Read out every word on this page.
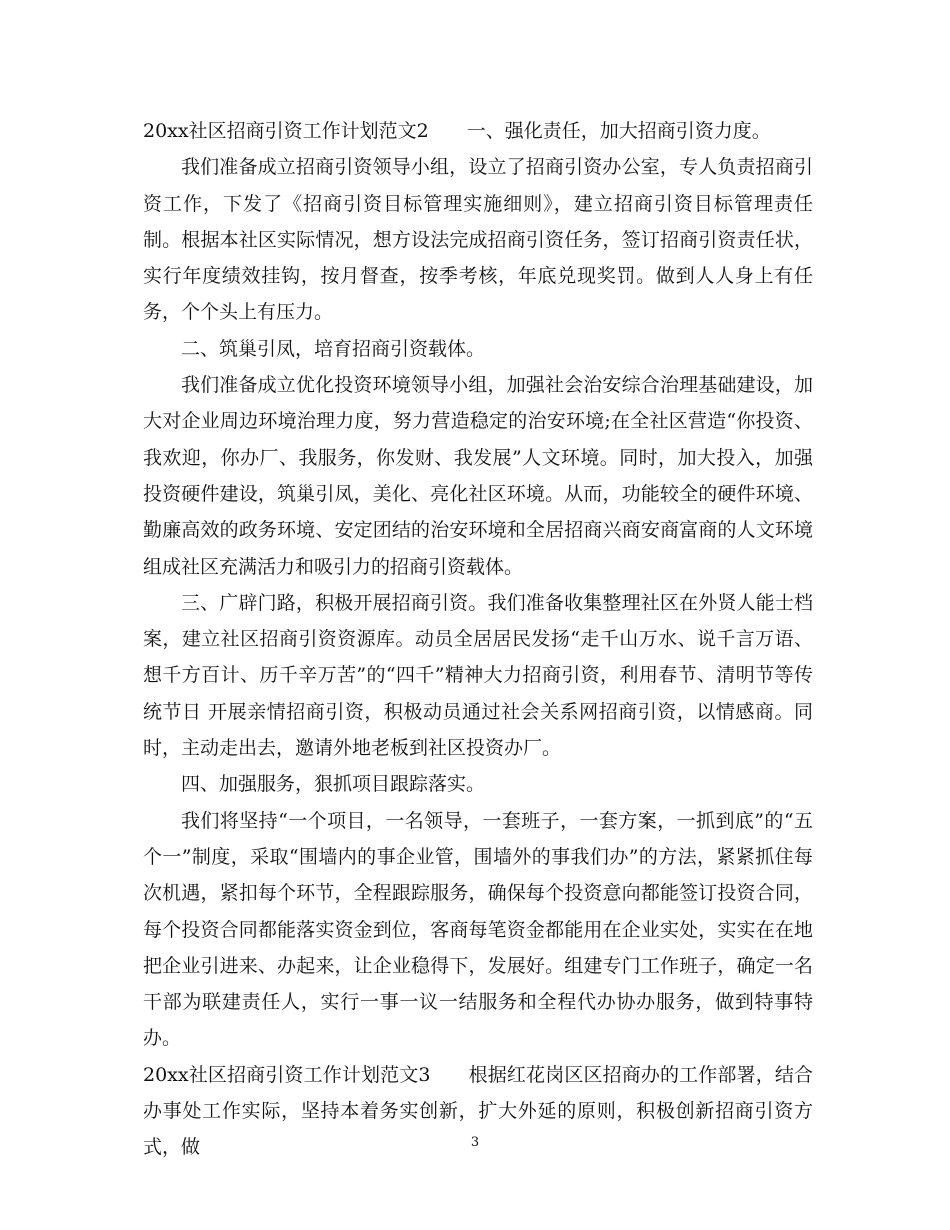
20xx社区招商引资工作计划范文2 一、强化责任，加大招商引资力度。

我们准备成立招商引资领导小组，设立了招商引资办公室，专人负责招商引资工作，下发了《招商引资目标管理实施细则》，建立招商引资目标管理责任制。根据本社区实际情况，想方设法完成招商引资任务，签订招商引资责任状，实行年度绩效挂钩，按月督查，按季考核，年底兑现奖罚。做到人人身上有任务，个个头上有压力。

二、筑巢引凤，培育招商引资载体。

我们准备成立优化投资环境领导小组，加强社会治安综合治理基础建设，加大对企业周边环境治理力度，努力营造稳定的治安环境;在全社区营造“你投资、我欢迎，你办厂、我服务，你发财、我发展”人文环境。同时，加大投入，加强投资硬件建设，筑巢引凤，美化、亮化社区环境。从而，功能较全的硬件环境、勤廉高效的政务环境、安定团结的治安环境和全居招商兴商安商富商的人文环境组成社区充满活力和吸引力的招商引资载体。

三、广辟门路，积极开展招商引资。我们准备收集整理社区在外贤人能士档案，建立社区招商引资资源库。动员全居居民发扬“走千山万水、说千言万语、想千方百计、历千辛万苦”的“四千”精神大力招商引资，利用春节、清明节等传统节日 开展亲情招商引资，积极动员通过社会关系网招商引资，以情感商。同时，主动走出去，邀请外地老板到社区投资办厂。

四、加强服务，狠抓项目跟踪落实。

我们将坚持“一个项目，一名领导，一套班子，一套方案，一抓到底”的“五个一”制度，采取“围墙内的事企业管，围墙外的事我们办”的方法，紧紧抓住每次机遇，紧扣每个环节，全程跟踪服务，确保每个投资意向都能签订投资合同，每个投资合同都能落实资金到位，客商每笔资金都能用在企业实处，实实在在地把企业引进来、办起来，让企业稳得下，发展好。组建专门工作班子，确定一名干部为联建责任人，实行一事一议一结服务和全程代办协办服务，做到特事特办。

20xx社区招商引资工作计划范文3 根据红花岗区区招商办的工作部署，结合办事处工作实际，坚持本着务实创新，扩大外延的原则，积极创新招商引资方式，做	3
